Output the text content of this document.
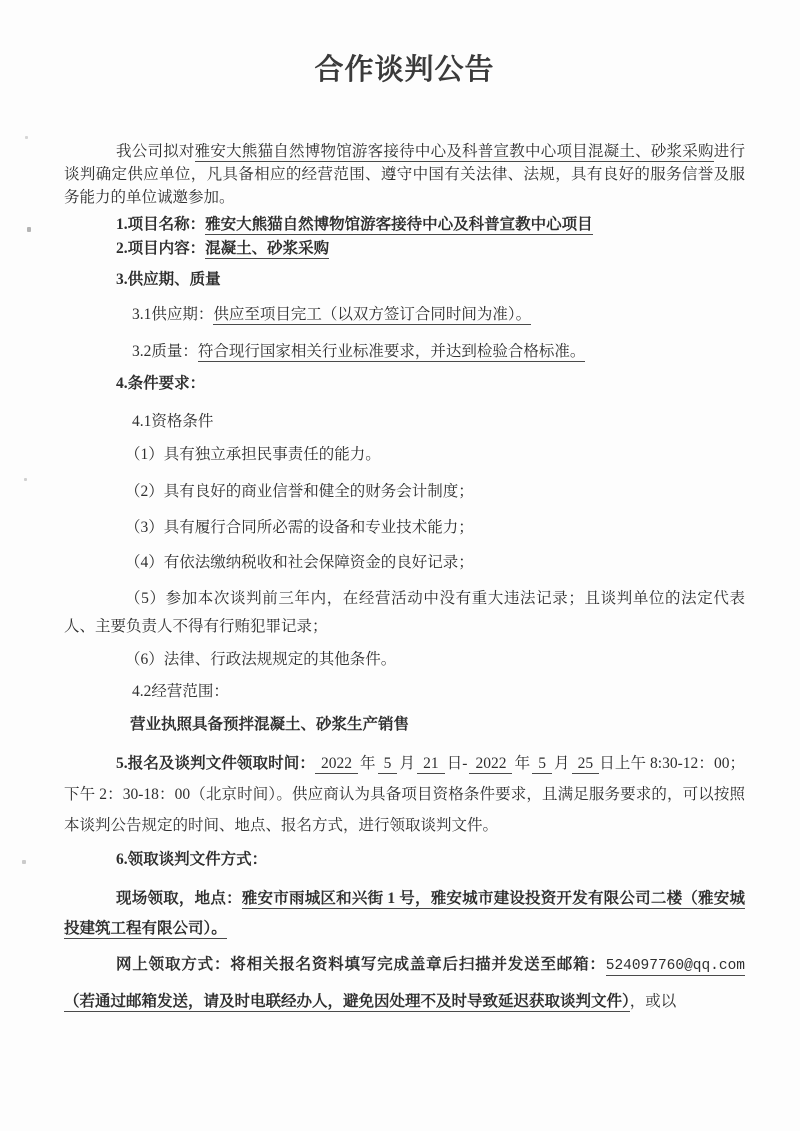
合作谈判公告

我公司拟对雅安大熊猫自然博物馆游客接待中心及科普宣教中心项目混凝土、砂浆采购进行谈判确定供应单位，凡具备相应的经营范围、遵守中国有关法律、法规，具有良好的服务信誉及服务能力的单位诚邀参加。

1.项目名称：雅安大熊猫自然博物馆游客接待中心及科普宣教中心项目

2.项目内容：混凝土、砂浆采购

3.供应期、质量

3.1供应期：供应至项目完工（以双方签订合同时间为准）。

3.2质量：符合现行国家相关行业标准要求，并达到检验合格标准。

4.条件要求：

4.1资格条件

（1）具有独立承担民事责任的能力。

（2）具有良好的商业信誉和健全的财务会计制度；

（3）具有履行合同所必需的设备和专业技术能力；

（4）有依法缴纳税收和社会保障资金的良好记录；

（5）参加本次谈判前三年内，在经营活动中没有重大违法记录；且谈判单位的法定代表人、主要负责人不得有行贿犯罪记录；

（6）法律、行政法规规定的其他条件。

4.2经营范围：

营业执照具备预拌混凝土、砂浆生产销售

5.报名及谈判文件领取时间： 2022 年 5 月 21 日- 2022 年 5 月 25 日上午 8:30-12：00；下午 2：30-18：00（北京时间）。供应商认为具备项目资格条件要求，且满足服务要求的，可以按照本谈判公告规定的时间、地点、报名方式，进行领取谈判文件。

6.领取谈判文件方式：

现场领取，地点：雅安市雨城区和兴街 1 号，雅安城市建设投资开发有限公司二楼（雅安城投建筑工程有限公司）。

网上领取方式：将相关报名资料填写完成盖章后扫描并发送至邮箱：524097760@qq.com（若通过邮箱发送，请及时电联经办人，避免因处理不及时导致延迟获取谈判文件），或以
